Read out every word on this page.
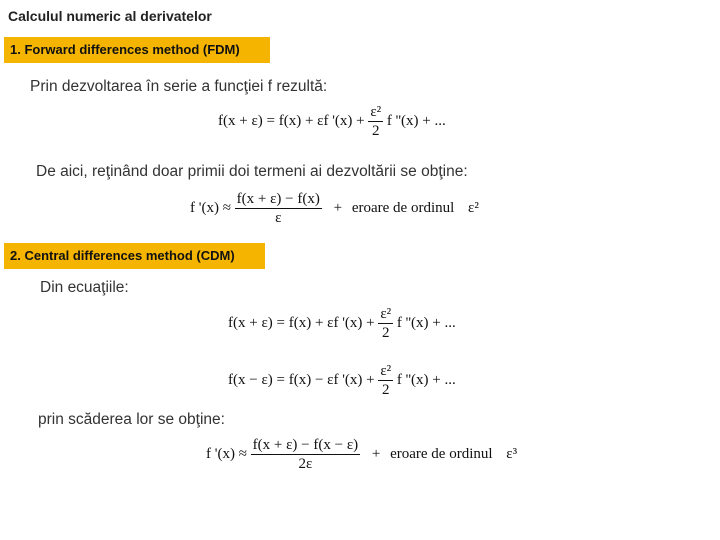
Calculul numeric al derivatelor
1. Forward differences method (FDM)
Prin dezvoltarea în serie a funcţiei f rezultă:
f(x + ε) = f(x) + εf '$(x) + \frac{\text{ε²}}{2}$ f ''(x) + ...
De aici, reţinând doar primii doi termeni ai dezvoltării se obţine:
f '$(x) \approx \frac{f(x + \varepsilon) - f(x)}{\varepsilon}$ + eroare de ordinul ε²
2. Central differences method (CDM)
Din ecuaţiile:
f(x + ε) = f(x) + εf '$(x) + \frac{\text{ε²}}{2}$ f ''(x) + ...
f(x − ε) = f(x) − εf '$(x) + \frac{\text{ε²}}{2}$ f ''(x) + ...
prin scăderea lor se obţine:
f '$(x) \approx \frac{f(x + \varepsilon) - f(x - \varepsilon)}{2\varepsilon}$ + eroare de ordinul ε³
